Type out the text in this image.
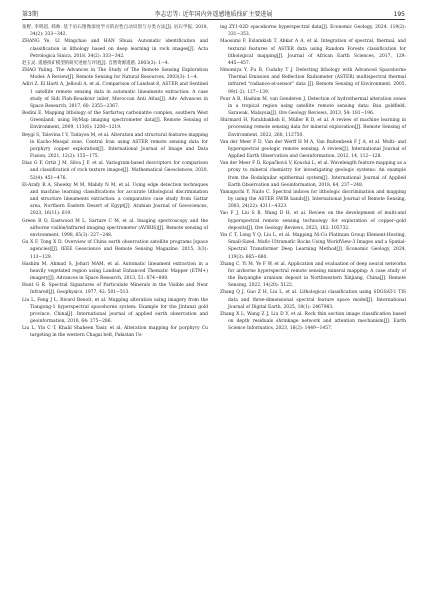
第3期	李志忠等: 近年国内外遥感地质找矿主要进展	195

张野, 李明超, 韩帅. 基于岩石图像深度学习的岩性自动识别与分类方法[J]. 岩石学报, 2018, 34(2): 333−342.

ZHANG Ye, LI Mingchao and HAN Shuai. Automatic identification and classification in lithology based on deep learning in rock images[J]. Acta Petrologica Sinica, 2018, 34(2): 333−342.

赵玉灵. 遥感找矿模型的研究进展与评述[J]. 自然资源遥感, 2003(3): 1−4.

ZHAO Yuling. The Advances in The Study of The Remote Sensing Exploration Model: A Review[J]. Remote Sensing for Natural Resources, 2003(3): 1−4.

Adiri Z, El Harti A, Jellouli A, et al. Comparison of Landsat-8, ASTER and Sentinel 1 satellite remote sensing data in automatic lineaments extraction: A case study of Sidi Flah-Bouskour inlier, Moroccan Anti Atlas[J]. Adv. Advances in Space Research, 2017, 60: 2355−2367.

Bedini E. Mapping lithology of the Sarfartoq carbonatite complex, southern West Greenland, using HyMap imaging spectrometer data[J]. Remote Sensing of Environment, 2009, 113(6): 1208−1219.

Beygi S, Talovina I V, Tadayon M, et al. Alteration and structural features mapping in Kacho-Mesqal zone, Central Iran using ASTER remote sensing data for porphyry copper exploration[J]. International Journal of Image and Data Fusion, 2021, 12(2): 155−175.

Díaz G F, Ortiz J M, Silva J F, et al. Variogram-based descriptors for comparison and classification of rock texture images[J]. Mathematical Geosciences, 2020, 52(4): 451−476.

El-Arafy R A, Shewky M M, Mahdy N M, et al. Using edge detection techniques and machine learning classifications for accurate lithological discrimination and structure lineaments extraction: a comparative case study from Gattar area, Northern Eastern Desert of Egypt[J]. Arabian Journal of Geosciences, 2023, 16(11): 619.

Green R O, Eastwood M L, Sarture C M, et al. Imaging spectroscopy and the airborne visible/infrared imaging spectrometer (AVIRIS)[J]. Remote sensing of environment, 1998, 65(3): 227−248.

Gu X F, Tong X D. Overview of China earth observation satellite programs [space agencies][J]. IEEE Geoscience and Remote Sensing Magazine, 2015, 3(3): 113−129.

Hashim M, Ahmad S, Johari MAM, et al. Automatic lineament extraction in a heavily vegetated region using Landsat Enhanced Thematic Mapper (ETM+) imagery[J]. Advances in Space Research, 2013, 51: 874−890.

Hunt G R. Spectral Signatures of Particulate Minerals in the Visible and Near Infrared[J]. Geophysics, 1977, 42: 501−513.

Liu L, Feng J L, Rivard Benoit, et al. Mapping alteration using imagery from the Tiangong-1 hyperspectral spaceborne system: Example for the Jintanzi gold province, China[J]. International journal of applied earth observation and geoinformation, 2018, 64: 275−286.

Liu L, Yin C T, Khalil Shaheen Yasir, et al. Alteration mapping for porphyry Cu targeting in the western Chagai belt, Pakistan Us-

ing ZY1-02D spaceborne hyperspectral data[J]. Economic Geology, 2024, 119(2): 331−353.

Maosumi F, Eslamkish T, Abkar A A, et al. Integration of spectral, thermal, and textural features of ASTER data using Random Forests classification for lithological mapping[J]. Journal of African Earth Sciences, 2017, 129: 445−457.

Ninomiya Y, Fu B, Cudahy T J. Detecting lithology with Advanced Spaceborne Thermal Emission and Reflection Radiometer (ASTER) multispectral thermal infrared "radiance-at-sensor" data [J]. Remote Sensing of Environment, 2005, 99(1-2): 127−139.

Pour A B, Hashim M, van Genderen J. Detection of hydrothermal alteration zones in a tropical region using satellite remote sensing data: Bau goldfield, Sarawak, Malaysia[J]. Ore Geology Reviews, 2013, 54: 181−196.

Shirmard H, Farahbakhsh E, Müller R D, et al. A review of machine learning in processing remote sensing data for mineral exploration[J]. Remote Sensing of Environment, 2022, 268, 112750.

Van der Meer F D, Van der Werff H M A, Van Ruitenbeek F J A, et al. Multi- and hyperspectral geologic remote sensing: A review[J]. International Journal of Applied Earth Observation and Geoinformation, 2012, 14, 112−128.

Van der Meer F D, Kopačková V, Koucká L, et al. Wavelength feature mapping as a proxy to mineral chemistry for investigating geologic systems: An example from the Rodalquilar epithermal system[J]. International Journal of Applied Earth Observation and Geoinformation, 2018, 64, 237−248.

Yamaguchi Y, Naito C. Spectral indices for lithologic discrimination and mapping by using the ASTER SWIR bands[J]. International Journal of Remote Sensing, 2003, 24(22): 4311−4323.

Yao F J, Liu S B, Wang D H, et al. Review on the development of multi-and hyperspectral remote sensing technology for exploration of copper–gold deposits[J]. Ore Geology Reviews, 2023, 162: 105732.

Yin C T, Long Y Q, Liu L, et al. Mapping Ni-Cu Platinum Group Element-Hosting, Small-Sized, Mafic-Ultramafic Rocks Using WorldView-3 Images and a Spatial-Spectral Transformer Deep Learning Method[J]. Economic Geology, 2024, 119(3): 665−680.

Zhang C, Yi M, Ye F W, et al. Application and evaluation of deep neural networks for airborne hyperspectral remote sensing mineral mapping: A case study of the Baiyanghe uranium deposit in Northwestern Xinjiang, China[J]. Remote Sensing, 2022, 14(20): 5122.

Zhang Q J, Guo Z H, Liu L, et al. Lithological classification using SDGSAT-1 TIS data and three-dimensional spectral feature space model[J]. International Journal of Digital Earth, 2025, 18(1): 2467983.

Zhang X L, Wang Z J, Liu D Y, et al. Rock thin section image classification based on depth residuals shrinkage network and attention mechanism[J]. Earth Science Informatics, 2023, 16(2): 1449−1457.
